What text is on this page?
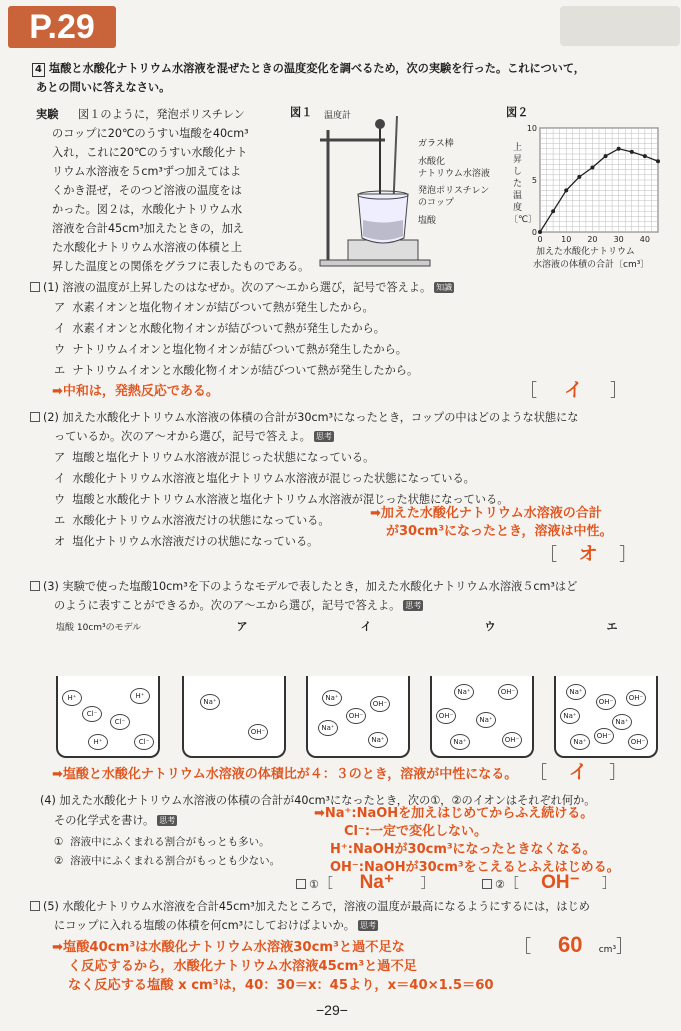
P.29
4 塩酸と水酸化ナトリウム水溶液を混ぜたときの温度変化を調べるため，次の実験を行った。これについて，
あとの問いに答えなさい。
実験 図１のように，発泡ポリスチレン
のコップに20℃のうすい塩酸を40cm³
入れ，これに20℃のうすい水酸化ナト
リウム水溶液を５cm³ずつ加えてはよ
くかき混ぜ，そのつど溶液の温度をは
かった。図２は，水酸化ナトリウム水
溶液を合計45cm³加えたときの，加え
た水酸化ナトリウム水溶液の体積と上
昇した温度との関係をグラフに表したものである。
図１ 温度計
ガラス棒
水酸化
ナトリウム水溶液
発泡ポリスチレン
のコップ
塩酸
図２
上
昇
し
た
温
度
〔℃〕
0 10 20 30 40
0
5
10
加えた水酸化ナトリウム
水溶液の体積の合計〔cm³〕
(1) 溶液の温度が上昇したのはなぜか。次のア〜エから選び，記号で答えよ。 知識
ア 水素イオンと塩化物イオンが結びついて熱が発生したから。
イ 水素イオンと水酸化物イオンが結びついて熱が発生したから。
ウ ナトリウムイオンと塩化物イオンが結びついて熱が発生したから。
エ ナトリウムイオンと水酸化物イオンが結びついて熱が発生したから。
➡中和は，発熱反応である。	［     イ     ］
(2) 加えた水酸化ナトリウム水溶液の体積の合計が30cm³になったとき，コップの中はどのような状態にな
っているか。次のア〜オから選び，記号で答えよ。 思考
ア 塩酸と塩化ナトリウム水溶液が混じった状態になっている。
イ 水酸化ナトリウム水溶液と塩化ナトリウム水溶液が混じった状態になっている。
ウ 塩酸と水酸化ナトリウム水溶液と塩化ナトリウム水溶液が混じった状態になっている。
エ 水酸化ナトリウム水溶液だけの状態になっている。
オ 塩化ナトリウム水溶液だけの状態になっている。
➡加えた水酸化ナトリウム水溶液の合計
が30cm³になったとき，溶液は中性。
［    オ    ］
(3) 実験で使った塩酸10cm³を下のようなモデルで表したとき，加えた水酸化ナトリウム水溶液５cm³はど
のように表すことができるか。次のア〜エから選び，記号で答えよ。 思考
塩酸 10cm³のモデル	ア	イ	ウ	エ
H⁺	H⁺
Cl⁻
Cl⁻
H⁺	Cl⁻
Na⁺
OH⁻
Na⁺
OH⁻
Na⁺
OH⁻
Na⁺
Na⁺	OH⁻
OH⁻	Na⁺
Na⁺	OH⁻
Na⁺
OH⁻	OH⁻
Na⁺
Na⁺
Na⁺
OH⁻
OH⁻
➡塩酸と水酸化ナトリウム水溶液の体積比が４：３のとき，溶液が中性になる。 ［    イ    ］
(4) 加えた水酸化ナトリウム水溶液の体積の合計が40cm³になったとき，次の①，②のイオンはそれぞれ何か。
その化学式を書け。 思考
① 溶液中にふくまれる割合がもっとも多い。
② 溶液中にふくまれる割合がもっとも少ない。
➡Na⁺:NaOHを加えはじめてからふえ続ける。
Cl⁻:一定で変化しない。
H⁺:NaOHが30cm³になったときなくなる。
OH⁻:NaOHが30cm³をこえるとふえはじめる。
①［      Na⁺      ］	②［     OH⁻     ］
(5) 水酸化ナトリウム水溶液を合計45cm³加えたところで，溶液の温度が最高になるようにするには，はじめ
にコップに入れる塩酸の体積を何cm³にしておけばよいか。 思考
➡塩酸40cm³は水酸化ナトリウム水溶液30cm³と過不足な
く反応するから，水酸化ナトリウム水溶液45cm³と過不足
なく反応する塩酸 x cm³は，40：30＝x：45より，x＝40×1.5＝60
［     60 cm³］
−29−
